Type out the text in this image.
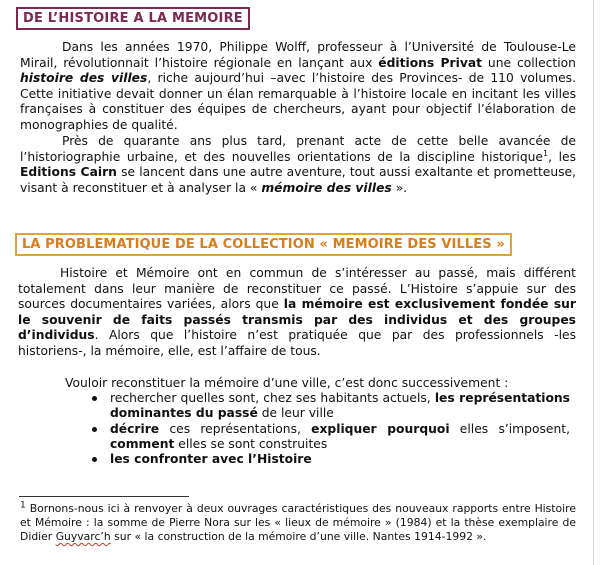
DE L’HISTOIRE A LA MEMOIRE

Dans les années 1970, Philippe Wolff, professeur à l’Université de Toulouse-Le Mirail, révolutionnait l’histoire régionale en lançant aux éditions Privat une collection histoire des villes, riche aujourd’hui –avec l’histoire des Provinces- de 110 volumes. Cette initiative devait donner un élan remarquable à l’histoire locale en incitant les villes françaises à constituer des équipes de chercheurs, ayant pour objectif l’élaboration de monographies de qualité.

Près de quarante ans plus tard, prenant acte de cette belle avancée de l’historiographie urbaine, et des nouvelles orientations de la discipline historique$^1$, les Editions Cairn se lancent dans une autre aventure, tout aussi exaltante et prometteuse, visant à reconstituer et à analyser la « mémoire des villes ».

LA PROBLEMATIQUE DE LA COLLECTION « MEMOIRE DES VILLES »

Histoire et Mémoire ont en commun de s’intéresser au passé, mais différent totalement dans leur manière de reconstituer ce passé. L’Histoire s’appuie sur des sources documentaires variées, alors que la mémoire est exclusivement fondée sur le souvenir de faits passés transmis par des individus et des groupes d’individus. Alors que l’histoire n’est pratiquée que par des professionnels -les historiens-, la mémoire, elle, est l’affaire de tous.

Vouloir reconstituer la mémoire d’une ville, c’est donc successivement :

rechercher quelles sont, chez ses habitants actuels, les représentations dominantes du passé de leur ville
décrire ces représentations, expliquer pourquoi elles s’imposent, comment elles se sont construites
les confronter avec l’Histoire

$^1$ Bornons-nous ici à renvoyer à deux ouvrages caractéristiques des nouveaux rapports entre Histoire et Mémoire : la somme de Pierre Nora sur les « lieux de mémoire » (1984) et la thèse exemplaire de Didier Guyvarc’h sur « la construction de la mémoire d’une ville. Nantes 1914-1992 ».
